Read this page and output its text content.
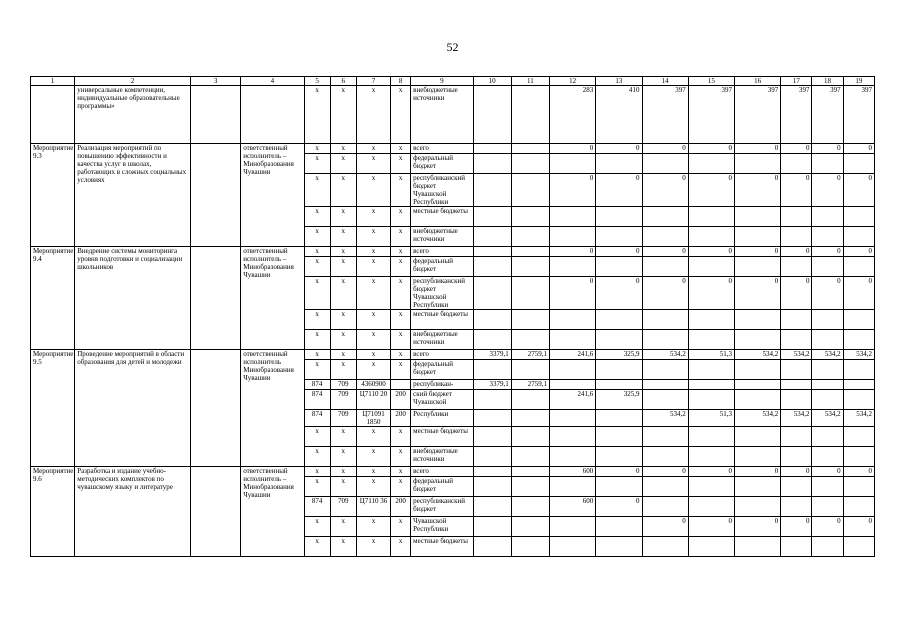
52
1	2	3	4	5	6	7	8	9	10	11	12	13	14	15	16	17	18	19
	универсальные компетенции, индивидуальные образовательные программы»			x	x	x	x	внебюджетные источники			283	410	397	397	397	397	397	397
Мероприятие 9.3	Реализация мероприятий по повышению эффективности и качества услуг в школах, работающих в сложных социальных условиях		ответственный исполнитель – Минобразования Чувашии	x	x	x	x	всего			0	0	0	0	0	0	0	0
				x	x	x	x	федеральный бюджет										
				x	x	x	x	республиканский бюджет Чувашской Республики			0	0	0	0	0	0	0	0
				x	x	x	x	местные бюджеты										
				x	x	x	x	внебюджетные источники										
Мероприятие 9.4	Внедрение системы мониторинга уровня подготовки и социализации школьников		ответственный исполнитель – Минобразования Чувашии	x	x	x	x	всего			0	0	0	0	0	0	0	0
				x	x	x	x	федеральный бюджет										
				x	x	x	x	республиканский бюджет Чувашской Республики			0	0	0	0	0	0	0	0
				x	x	x	x	местные бюджеты										
				x	x	x	x	внебюджетные источники										
Мероприятие 9.5	Проведение мероприятий в области образования для детей и молодежи		ответственный исполнитель Минобразования Чувашии	x	x	x	x	всего	3379,1	2759,1	241,6	325,9	534,2	51,3	534,2	534,2	534,2	534,2
				x	x	x	x	федеральный бюджет										
				874	709	4360900		республикан-	3379,1	2759,1								
				874	709	Ц7110 20	200	ский бюджет Чувашской			241,6	325,9						
				874	709	Ц71091 1850	200	Республики					534,2	51,3	534,2	534,2	534,2	534,2
				x	x	x	x	местные бюджеты										
				x	x	x	x	внебюджетные источники										
Мероприятие 9.6	Разработка и издание учебно-методических комплектов по чувашскому языку и литературе		ответственный исполнитель – Минобразования Чувашии	x	x	x	x	всего			600	0	0	0	0	0	0	0
				x	x	x	x	федеральный бюджет										
				874	709	Ц7110 36	200	республиканский бюджет			600	0						
				x	x	x	x	Чувашской Республики					0	0	0	0	0	0
				x	x	x	x	местные бюджеты										
